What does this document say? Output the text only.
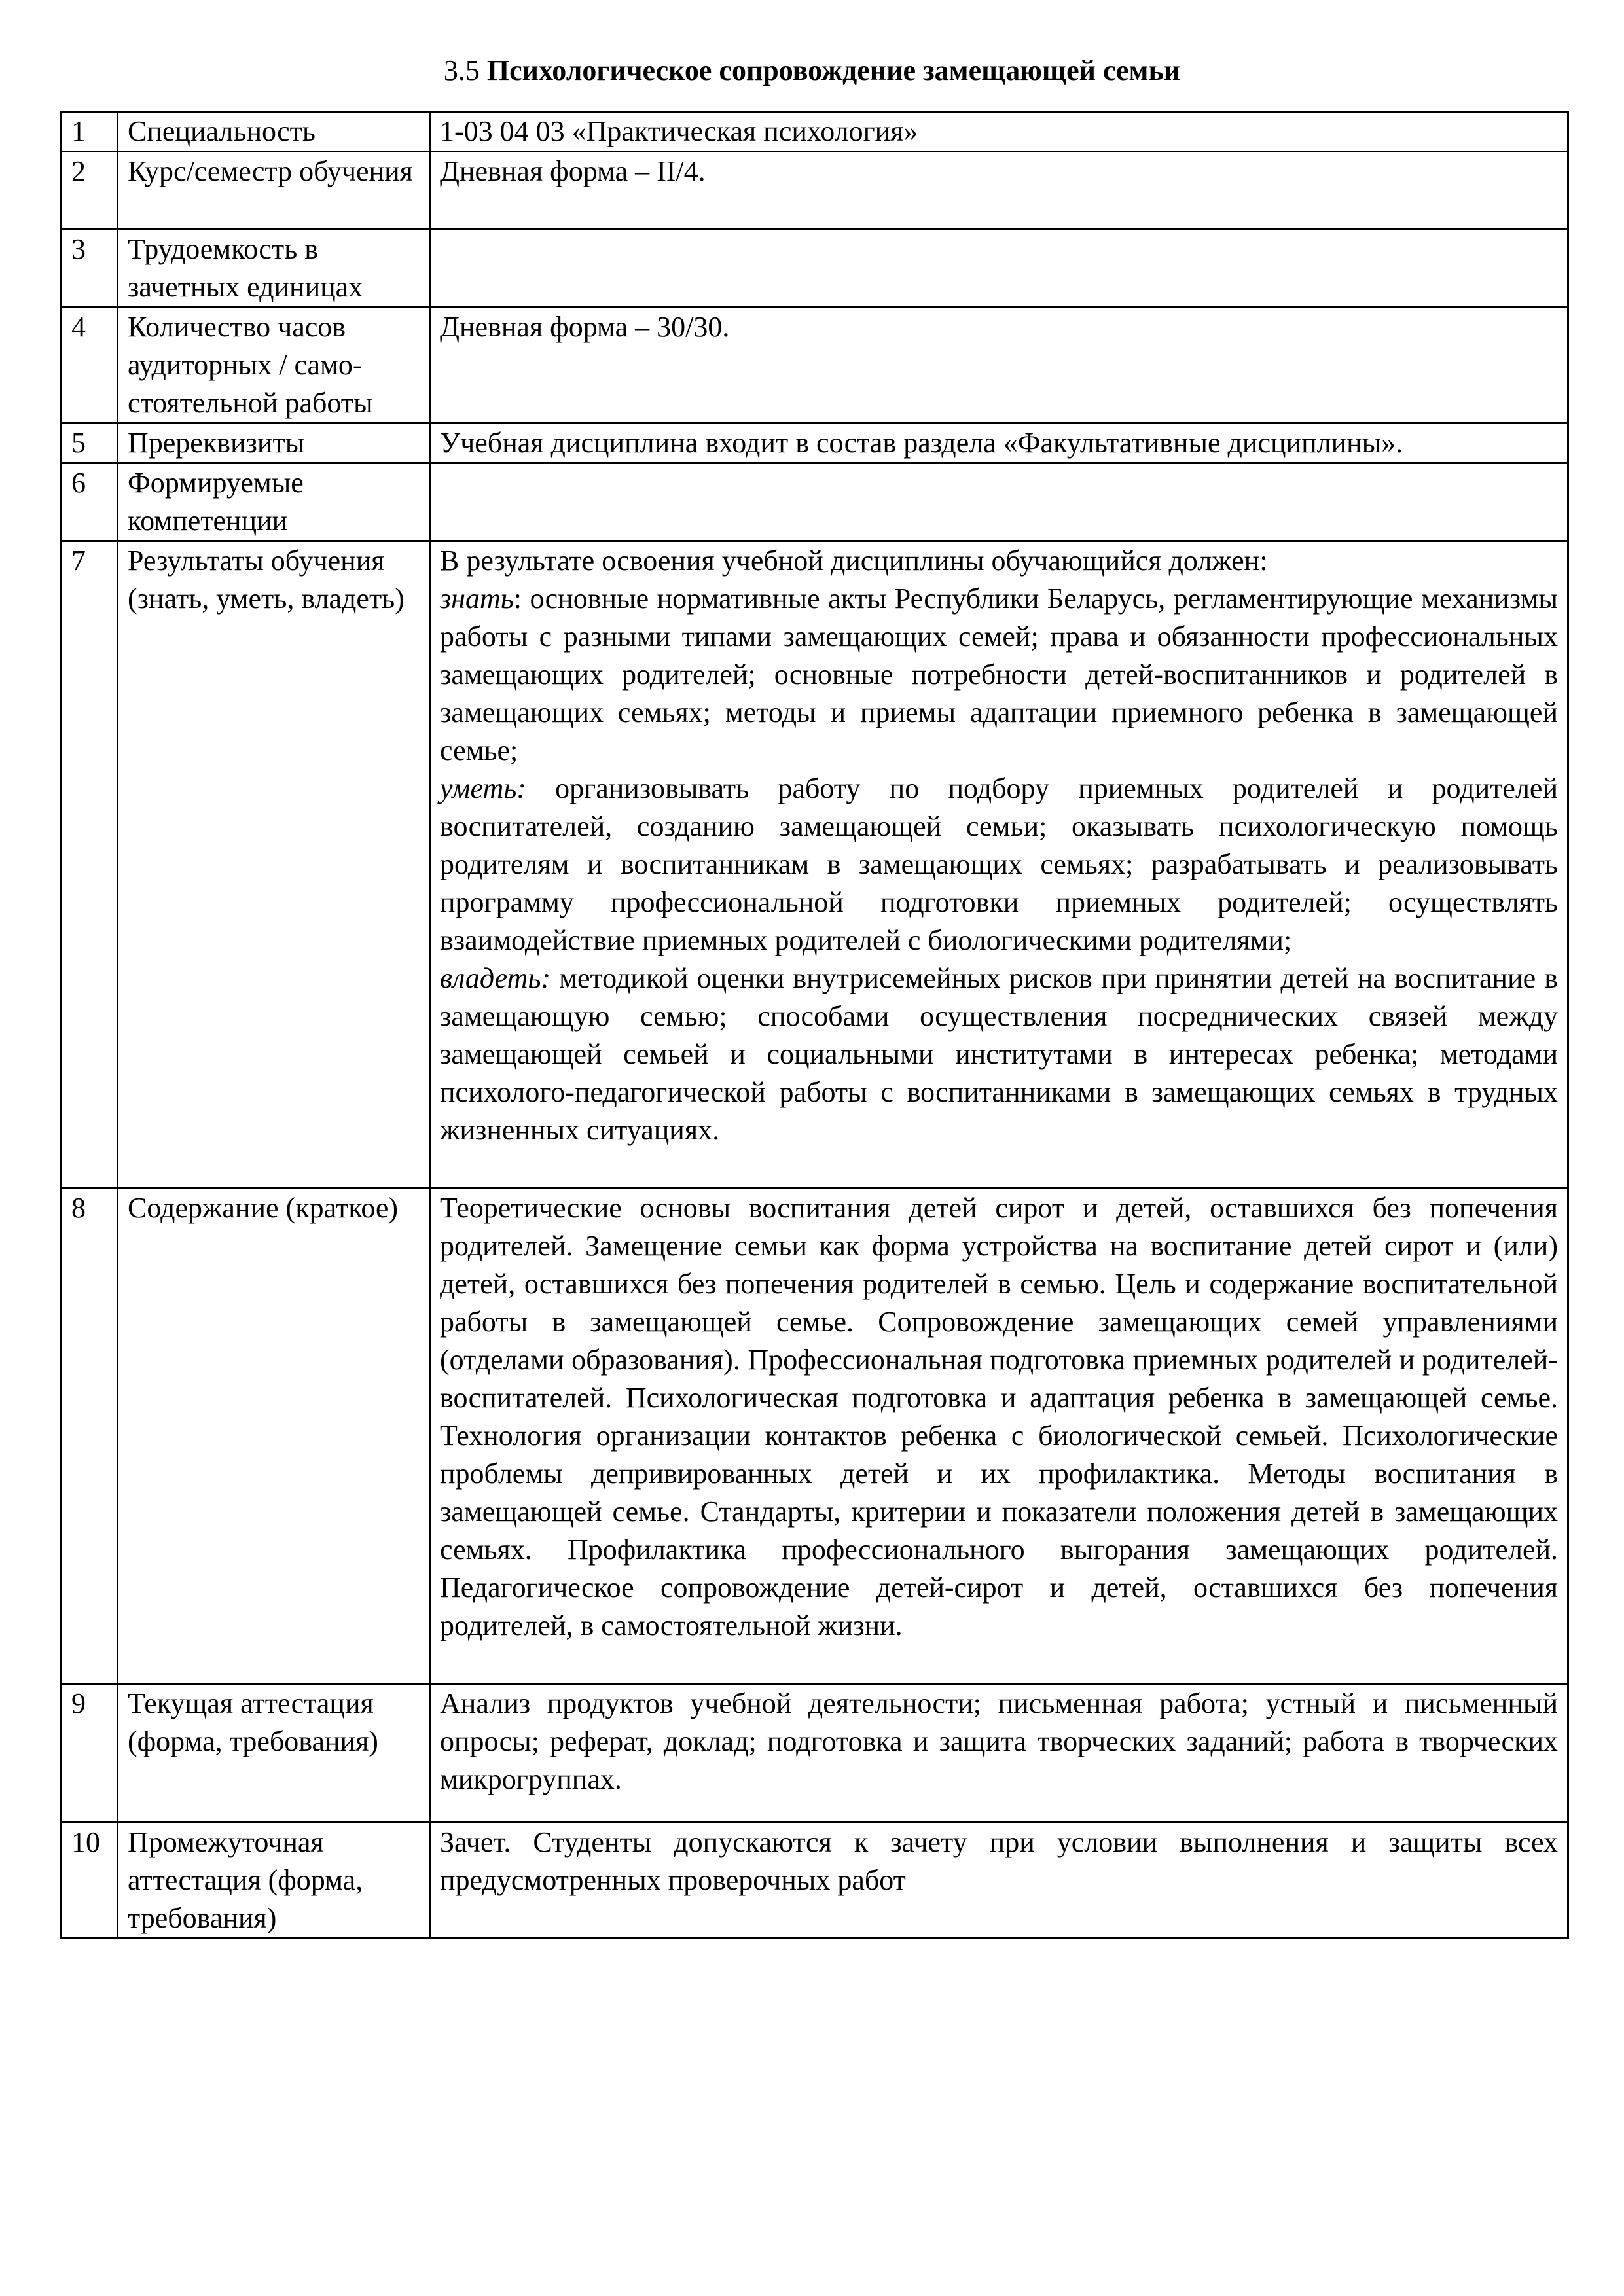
3.5 Психологическое сопровождение замещающей семьи
1	Специальность	1-03 04 03 «Практическая психология»
2	Курс/семестр обучения	Дневная форма – II/4.
3	Трудоемкость в зачетных единицах	
4	Количество часов аудиторных / само-стоятельной работы	Дневная форма – 30/30.
5	Пререквизиты	Учебная дисциплина входит в состав раздела «Факультативные дисциплины».
6	Формируемые компетенции	
7	Результаты обучения (знать, уметь, владеть)	В результате освоения учебной дисциплины обучающийся должен:
знать: основные нормативные акты Республики Беларусь, регламентирующие механизмы работы с разными типами замещающих семей; права и обязанности профессиональных замещающих родителей; основные потребности детей-воспитанников и родителей в замещающих семьях; методы и приемы адаптации приемного ребенка в замещающей семье;
уметь: организовывать работу по подбору приемных родителей и родителей воспитателей, созданию замещающей семьи; оказывать психологическую помощь родителям и воспитанникам в замещающих семьях; разрабатывать и реализовывать программу профессиональной подготовки приемных родителей; осуществлять взаимодействие приемных родителей с биологическими родителями;
владеть: методикой оценки внутрисемейных рисков при принятии детей на воспитание в замещающую семью; способами осуществления посреднических связей между замещающей семьей и социальными институтами в интересах ребенка; методами психолого-педагогической работы с воспитанниками в замещающих семьях в трудных жизненных ситуациях.

8	Содержание (краткое)	Теоретические основы воспитания детей сирот и детей, оставшихся без попечения родителей. Замещение семьи как форма устройства на воспитание детей сирот и (или) детей, оставшихся без попечения родителей в семью. Цель и содержание воспитательной работы в замещающей семье. Сопровождение замещающих семей управлениями (отделами образования). Профессиональная подготовка приемных родителей и родителей-воспитателей. Психологическая подготовка и адаптация ребенка в замещающей семье. Технология организации контактов ребенка с биологической семьей. Психологические проблемы депривированных детей и их профилактика. Методы воспитания в замещающей семье. Стандарты, критерии и показатели положения детей в замещающих семьях. Профилактика профессионального выгорания замещающих родителей. Педагогическое сопровождение детей-сирот и детей, оставшихся без попечения родителей, в самостоятельной жизни.
9	Текущая аттестация (форма, требования)	Анализ продуктов учебной деятельности; письменная работа; устный и письменный опросы; реферат, доклад; подготовка и защита творческих заданий; работа в творческих микрогруппах.
10	Промежуточная аттестация (форма, требования)	Зачет. Студенты допускаются к зачету при условии выполнения и защиты всех предусмотренных проверочных работ
